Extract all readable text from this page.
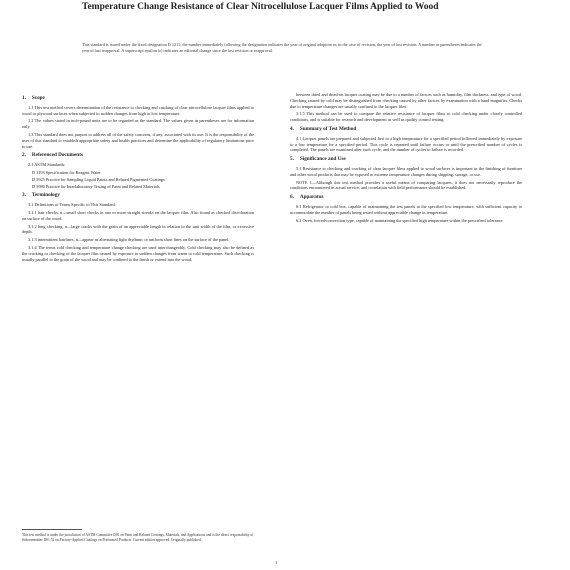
Temperature Change Resistance of Clear Nitrocellulose Lacquer Films Applied to Wood
This standard is issued under the fixed designation D 1211; the number immediately following the designation indicates the year of original adoption or, in the case of revision, the year of last revision. A number in parentheses indicates the year of last reapproval. A superscript epsilon (ε) indicates an editorial change since the last revision or reapproval.
1. Scope

1.1 This test method covers determination of the resistance to checking and cracking of clear nitrocellulose lacquer films applied to wood or plywood surfaces when subjected to sudden changes from high to low temperature.

1.2 The values stated in inch-pound units are to be regarded as the standard. The values given in parentheses are for information only.

1.3 This standard does not purport to address all of the safety concerns, if any, associated with its use. It is the responsibility of the user of this standard to establish appropriate safety and health practices and determine the applicability of regulatory limitations prior to use.

2. Referenced Documents

2.1 ASTM Standards:

D 1193 Specification for Reagent Water
D 3925 Practice for Sampling Liquid Paints and Related Pigmented Coatings
D 3980 Practice for Interlaboratory Testing of Paint and Related Materials
3. Terminology

3.1 Definitions of Terms Specific to This Standard:

3.1.1 hair checks, n—small short checks in one or more straight streaks on the lacquer film. Also found as checked discoloration on surface of the wood.

3.1.2 long checking, n—large cracks with the grain of an appreciable length in relation to the unit width of the film, or excessive depth.

3.1.3 intermittent hairlines, n—appear as alternating light rhythmic or uniform short lines on the surface of the panel.

3.1.4 The terms cold checking and temperature change checking are used interchangeably. Cold checking may also be defined as the cracking or checking of the lacquer film caused by exposure to sudden changes from warm to cold temperature. Such checking is usually parallel to the grain of the wood and may be confined to the finish or extend into the wood.

between dried and dried-on lacquer coating may be due to a number of factors such as humidity, film thickness, and type of wood. Checking caused by cold may be distinguished from checking caused by other factors by examination with a hand magnifier. Checks due to temperature changes are usually confined to the lacquer film.

3.1.5 This method can be used to compare the relative resistance of lacquer films to cold checking under closely controlled conditions, and is suitable for research and development as well as quality control testing.

4. Summary of Test Method

4.1 Lacquer panels are prepared and subjected first to a high temperature for a specified period followed immediately by exposure to a low temperature for a specified period. This cycle is repeated until failure occurs or until the prescribed number of cycles is completed. The panels are examined after each cycle, and the number of cycles to failure is recorded.

5. Significance and Use

5.1 Resistance to checking and cracking of clear lacquer films applied to wood surfaces is important in the finishing of furniture and other wood products that may be exposed to extreme temperature changes during shipping, storage, or use.

NOTE 1—Although this test method provides a useful means of comparing lacquers, it does not necessarily reproduce the conditions encountered in actual service, and correlation with field performance should be established.

6. Apparatus

6.1 Refrigerator or cold box, capable of maintaining the test panels at the specified low temperature, with sufficient capacity to accommodate the number of panels being tested without appreciable change in temperature.

6.2 Oven, forced-convection type, capable of maintaining the specified high temperature within the prescribed tolerance.

This test method is under the jurisdiction of ASTM Committee D01 on Paint and Related Coatings, Materials, and Applications and is the direct responsibility of Subcommittee D01.52 on Factory-Applied Coatings on Preformed Products. Current edition approved. Originally published.
1
